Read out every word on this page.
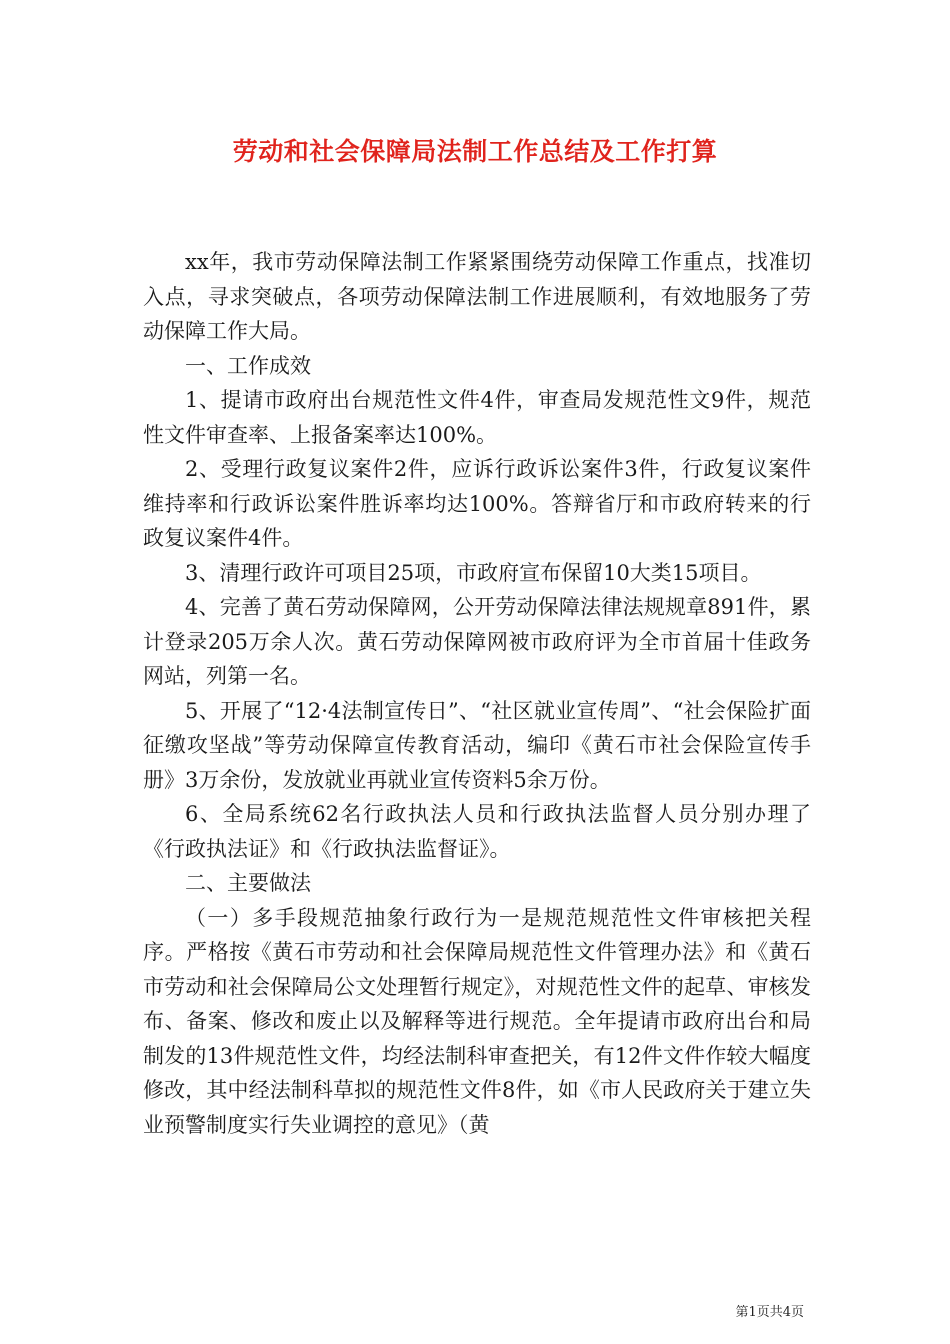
劳动和社会保障局法制工作总结及工作打算

xx年，我市劳动保障法制工作紧紧围绕劳动保障工作重点，找准切入点，寻求突破点，各项劳动保障法制工作进展顺利，有效地服务了劳动保障工作大局。

一、工作成效

1、提请市政府出台规范性文件4件，审查局发规范性文9件，规范性文件审查率、上报备案率达100%。

2、受理行政复议案件2件，应诉行政诉讼案件3件，行政复议案件维持率和行政诉讼案件胜诉率均达100%。答辩省厅和市政府转来的行政复议案件4件。

3、清理行政许可项目25项，市政府宣布保留10大类15项目。

4、完善了黄石劳动保障网，公开劳动保障法律法规规章891件，累计登录205万余人次。黄石劳动保障网被市政府评为全市首届十佳政务网站，列第一名。

5、开展了“12·4法制宣传日”、“社区就业宣传周”、“社会保险扩面征缴攻坚战”等劳动保障宣传教育活动，编印《黄石市社会保险宣传手册》3万余份，发放就业再就业宣传资料5余万份。

6、全局系统62名行政执法人员和行政执法监督人员分别办理了《行政执法证》和《行政执法监督证》。

二、主要做法

（一）多手段规范抽象行政行为一是规范规范性文件审核把关程序。严格按《黄石市劳动和社会保障局规范性文件管理办法》和《黄石市劳动和社会保障局公文处理暂行规定》，对规范性文件的起草、审核发布、备案、修改和废止以及解释等进行规范。全年提请市政府出台和局制发的13件规范性文件，均经法制科审查把关，有12件文件作较大幅度修改，其中经法制科草拟的规范性文件8件，如《市人民政府关于建立失业预警制度实行失业调控的意见》（黄

第1页共4页
